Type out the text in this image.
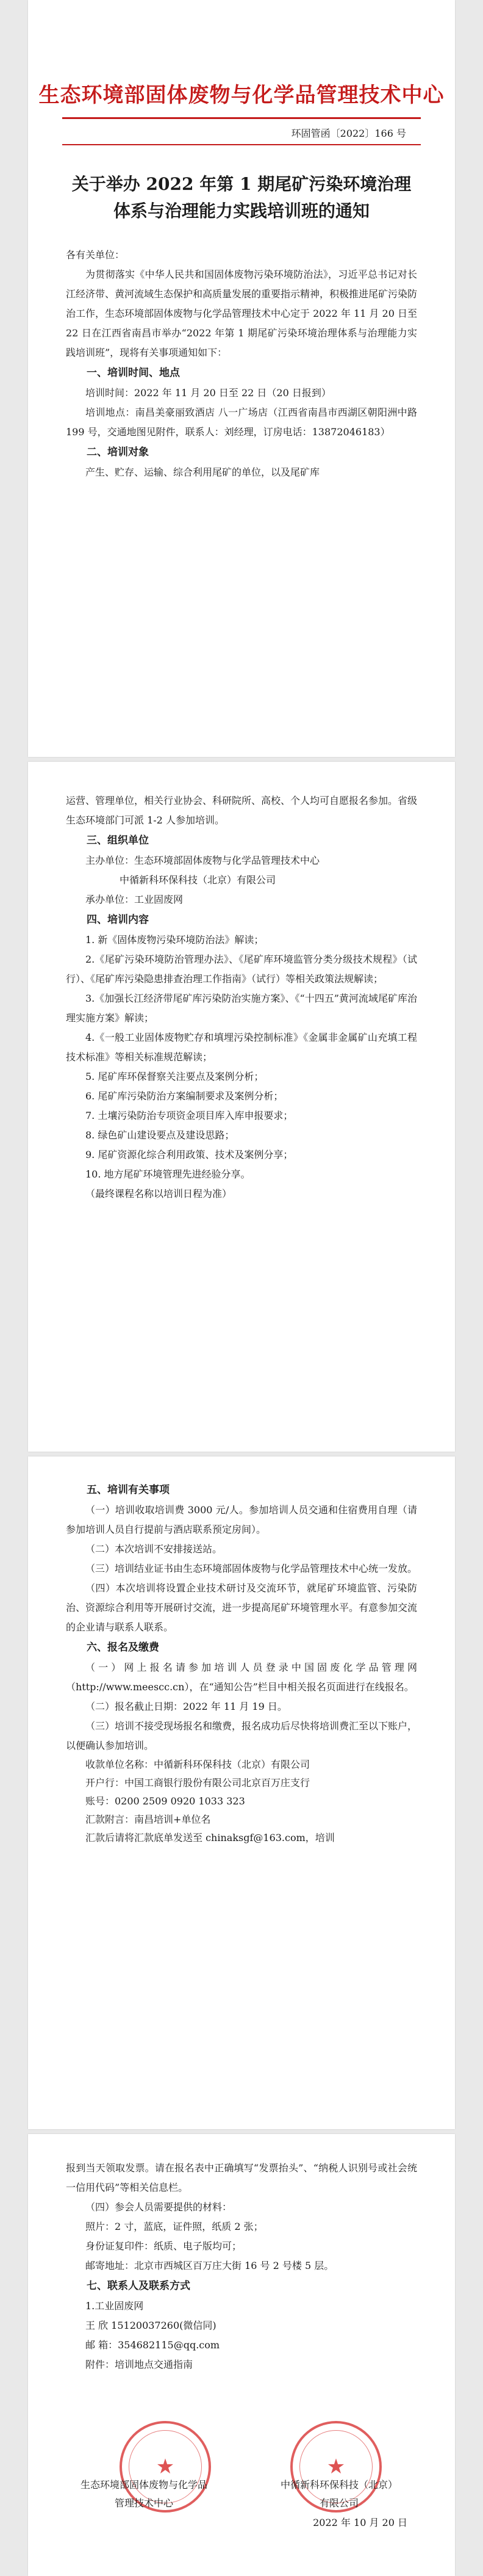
生态环境部固体废物与化学品管理技术中心
环固管函〔2022〕166 号
关于举办 2022 年第 1 期尾矿污染环境治理
体系与治理能力实践培训班的通知

各有关单位：

为贯彻落实《中华人民共和国固体废物污染环境防治法》，习近平总书记对长江经济带、黄河流域生态保护和高质量发展的重要指示精神，积极推进尾矿污染防治工作，生态环境部固体废物与化学品管理技术中心定于 2022 年 11 月 20 日至 22 日在江西省南昌市举办“2022 年第 1 期尾矿污染环境治理体系与治理能力实践培训班”，现将有关事项通知如下：

一、培训时间、地点

培训时间：2022 年 11 月 20 日至 22 日（20 日报到）

培训地点：南昌美豪丽致酒店 八一广场店（江西省南昌市西湖区朝阳洲中路 199 号，交通地图见附件，联系人：刘经理，订房电话：13872046183）

二、培训对象

产生、贮存、运输、综合利用尾矿的单位，以及尾矿库

运营、管理单位，相关行业协会、科研院所、高校、个人均可自愿报名参加。省级生态环境部门可派 1-2 人参加培训。

三、组织单位

主办单位：生态环境部固体废物与化学品管理技术中心

中循新科环保科技（北京）有限公司

承办单位：工业固废网

四、培训内容

1. 新《固体废物污染环境防治法》解读；

2.《尾矿污染环境防治管理办法》、《尾矿库环境监管分类分级技术规程》（试行）、《尾矿库污染隐患排查治理工作指南》（试行）等相关政策法规解读；

3.《加强长江经济带尾矿库污染防治实施方案》、《“十四五”黄河流域尾矿库治理实施方案》解读；

4.《一般工业固体废物贮存和填埋污染控制标准》《金属非金属矿山充填工程技术标准》等相关标准规范解读；

5. 尾矿库环保督察关注要点及案例分析；

6. 尾矿库污染防治方案编制要求及案例分析；

7. 土壤污染防治专项资金项目库入库申报要求；

8. 绿色矿山建设要点及建设思路；

9. 尾矿资源化综合利用政策、技术及案例分享；

10. 地方尾矿环境管理先进经验分享。

（最终课程名称以培训日程为准）

五、培训有关事项

（一）培训收取培训费 3000 元/人。参加培训人员交通和住宿费用自理（请参加培训人员自行提前与酒店联系预定房间）。

（二）本次培训不安排接送站。

（三）培训结业证书由生态环境部固体废物与化学品管理技术中心统一发放。

（四）本次培训将设置企业技术研讨及交流环节，就尾矿环境监管、污染防治、资源综合利用等开展研讨交流，进一步提高尾矿环境管理水平。有意参加交流的企业请与联系人联系。

六、报名及缴费

（一）网上报名请参加培训人员登录中国固废化学品管理网（http://www.meescc.cn），在“通知公告”栏目中相关报名页面进行在线报名。

（二）报名截止日期：2022 年 11 月 19 日。

（三）培训不接受现场报名和缴费，报名成功后尽快将培训费汇至以下账户，以便确认参加培训。

收款单位名称：中循新科环保科技（北京）有限公司

开户行：中国工商银行股份有限公司北京百万庄支行

账号：0200 2509 0920 1033 323

汇款附言：南昌培训+单位名

汇款后请将汇款底单发送至 chinaksgf@163.com，培训

报到当天领取发票。请在报名表中正确填写“发票抬头”、“纳税人识别号或社会统一信用代码”等相关信息栏。

（四）参会人员需要提供的材料：

照片：2 寸，蓝底，证件照，纸质 2 张；

身份证复印件：纸质、电子版均可；

邮寄地址：北京市西城区百万庄大街 16 号 2 号楼 5 层。

七、联系人及联系方式

1.工业固废网

王 欣 15120037260(微信同)

邮 箱：354682115@qq.com

附件：培训地点交通指南

★	★
生态环境部固体废物与化学品
管理技术中心
中循新科环保科技（北京）
有限公司
2022 年 10 月 20 日
